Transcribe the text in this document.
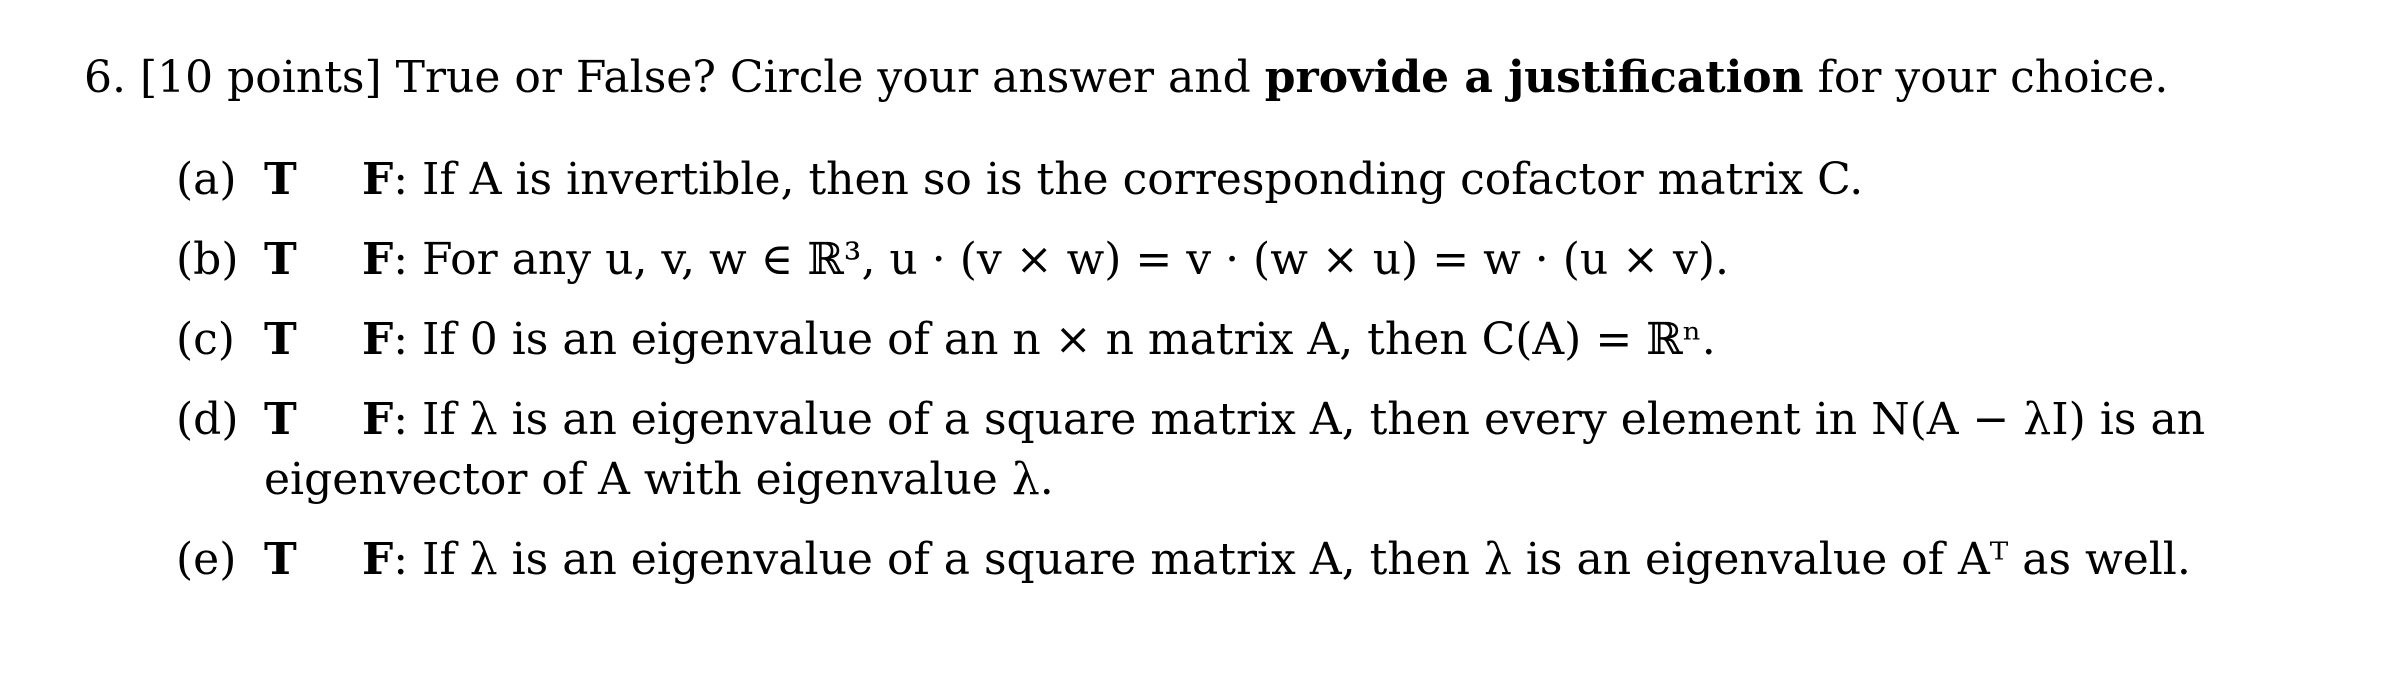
6. [10 points] True or False? Circle your answer and provide a justification for your choice.
(a) T F: If A is invertible, then so is the corresponding cofactor matrix C.
(b) T F: For any u, v, w ∈ ℝ³, u · (v × w) = v · (w × u) = w · (u × v).
(c) T F: If 0 is an eigenvalue of an n × n matrix A, then C(A) = ℝⁿ.
(d) T F: If λ is an eigenvalue of a square matrix A, then every element in N(A − λI) is an
eigenvector of A with eigenvalue λ.
(e) T F: If λ is an eigenvalue of a square matrix A, then λ is an eigenvalue of Aᵀ as well.
